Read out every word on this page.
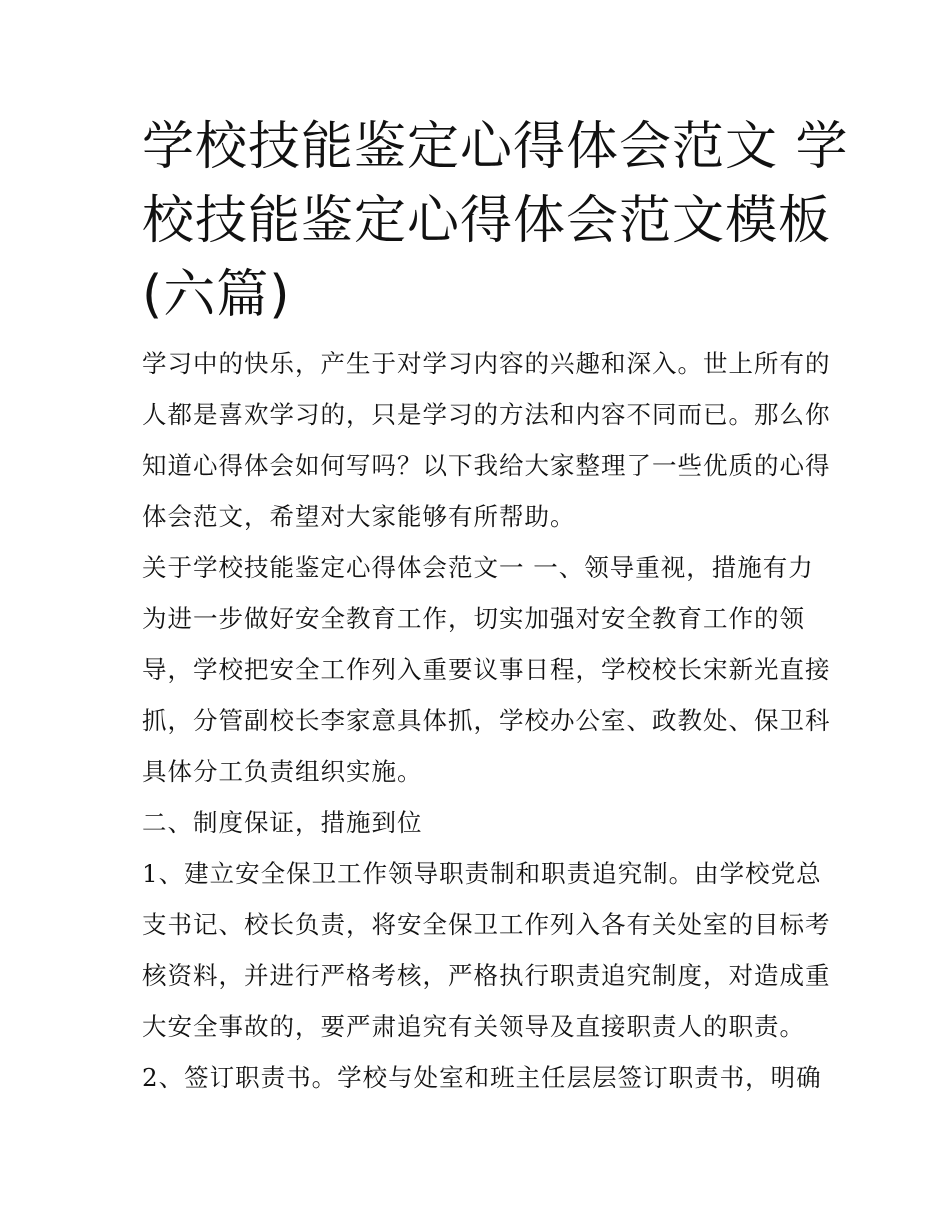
学校技能鉴定心得体会范文 学
校技能鉴定心得体会范文模板
(六篇)

学习中的快乐，产生于对学习内容的兴趣和深入。世上所有的
人都是喜欢学习的，只是学习的方法和内容不同而已。那么你
知道心得体会如何写吗？以下我给大家整理了一些优质的心得
体会范文，希望对大家能够有所帮助。

关于学校技能鉴定心得体会范文一 一、领导重视，措施有力
为进一步做好安全教育工作，切实加强对安全教育工作的领
导，学校把安全工作列入重要议事日程，学校校长宋新光直接
抓，分管副校长李家意具体抓，学校办公室、政教处、保卫科
具体分工负责组织实施。

二、制度保证，措施到位

1、建立安全保卫工作领导职责制和职责追究制。由学校党总
支书记、校长负责，将安全保卫工作列入各有关处室的目标考
核资料，并进行严格考核，严格执行职责追究制度，对造成重
大安全事故的，要严肃追究有关领导及直接职责人的职责。

2、签订职责书。学校与处室和班主任层层签订职责书，明确
